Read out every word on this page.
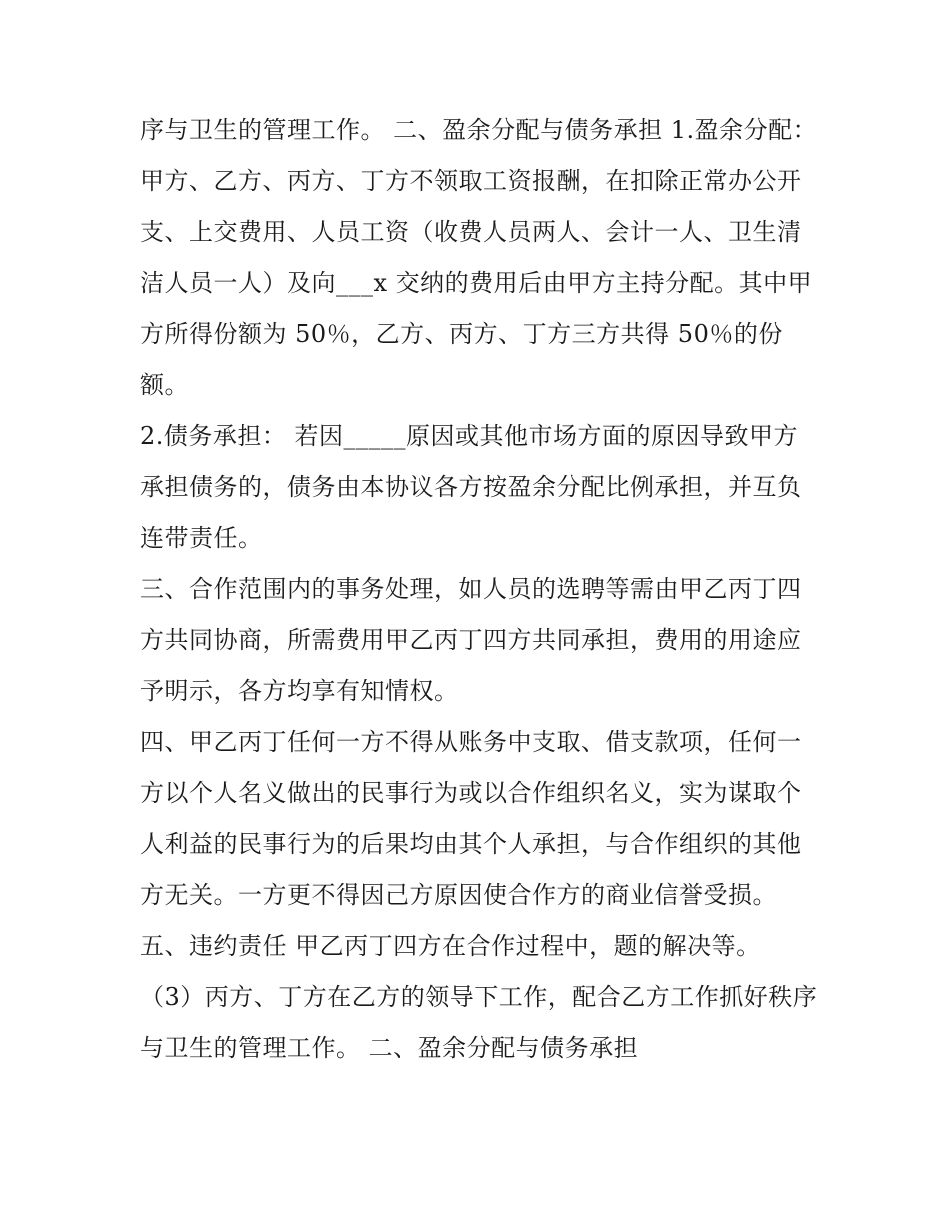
序与卫生的管理工作。 二、盈余分配与债务承担 1.盈余分配：

甲方、乙方、丙方、丁方不领取工资报酬，在扣除正常办公开支、上交费用、人员工资（收费人员两人、会计一人、卫生清洁人员一人）及向___x 交纳的费用后由甲方主持分配。其中甲方所得份额为 50％，乙方、丙方、丁方三方共得 50％的份额。

2.债务承担： 若因_____原因或其他市场方面的原因导致甲方承担债务的，债务由本协议各方按盈余分配比例承担，并互负连带责任。

三、合作范围内的事务处理，如人员的选聘等需由甲乙丙丁四方共同协商，所需费用甲乙丙丁四方共同承担，费用的用途应予明示，各方均享有知情权。

四、甲乙丙丁任何一方不得从账务中支取、借支款项，任何一方以个人名义做出的民事行为或以合作组织名义，实为谋取个人利益的民事行为的后果均由其个人承担，与合作组织的其他方无关。一方更不得因己方原因使合作方的商业信誉受损。

五、违约责任 甲乙丙丁四方在合作过程中，题的解决等。

（3）丙方、丁方在乙方的领导下工作，配合乙方工作抓好秩序与卫生的管理工作。 二、盈余分配与债务承担
